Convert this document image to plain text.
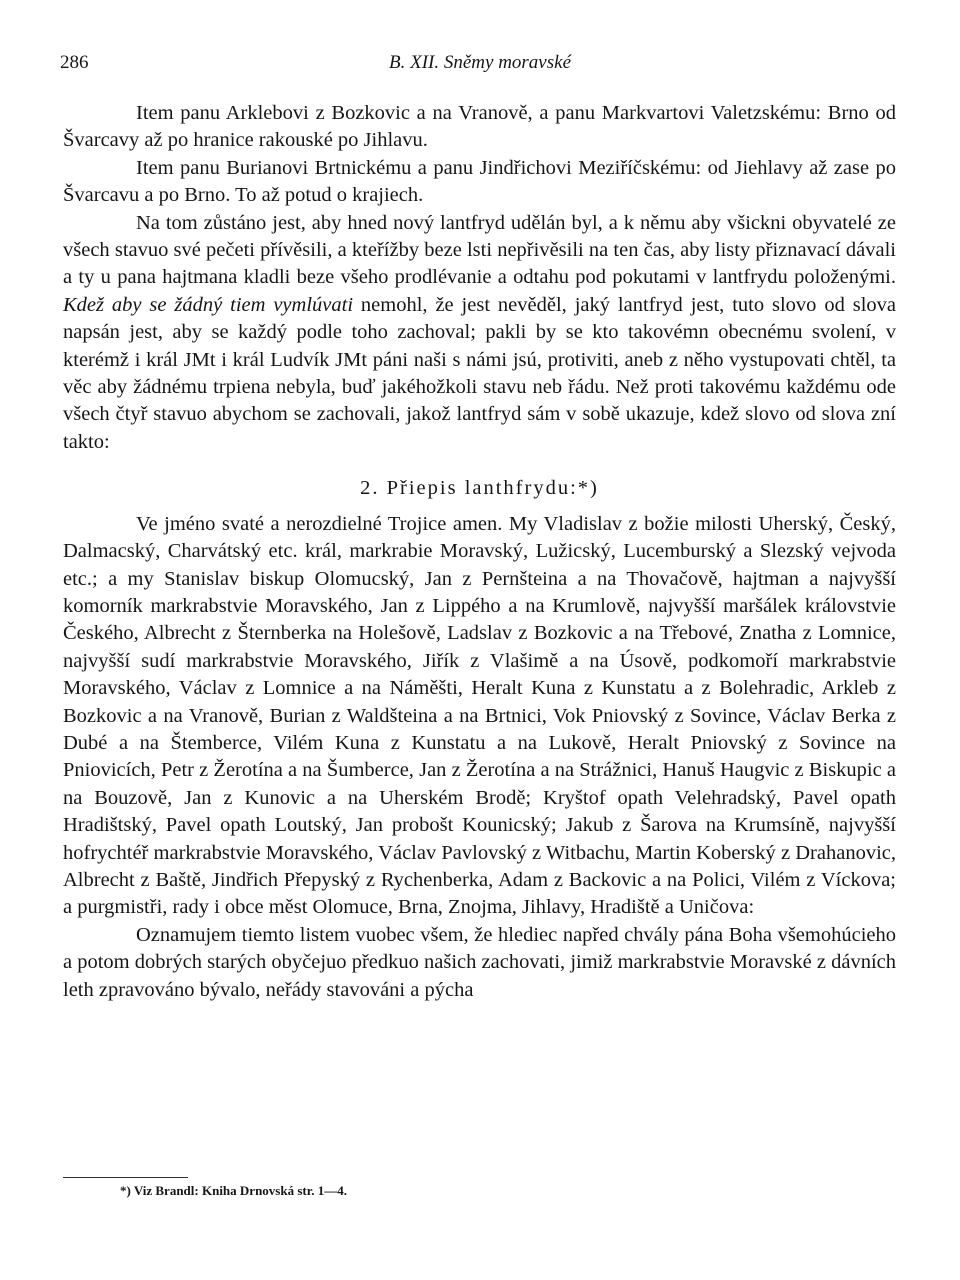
286	B. XII. Sněmy moravské

Item panu Arklebovi z Bozkovic a na Vranově, a panu Markvartovi Valetzskému: Brno od Švarcavy až po hranice rakouské po Jihlavu.

Item panu Burianovi Brtnickému a panu Jindřichovi Meziříčskému: od Jiehlavy až zase po Švarcavu a po Brno. To až potud o krajiech.

Na tom zůstáno jest, aby hned nový lantfryd udělán byl, a k němu aby všickni obyvatelé ze všech stavuo své pečeti přívěsili, a kteřížby beze lsti nepřivěsili na ten čas, aby listy přiznavací dávali a ty u pana hajtmana kladli beze všeho prodlévanie a odtahu pod pokutami v lantfrydu položenými. Kdež aby se žádný tiem vymlúvati nemohl, že jest nevěděl, jaký lantfryd jest, tuto slovo od slova napsán jest, aby se každý podle toho zachoval; pakli by se kto takovémn obecnému svolení, v kterémž i král JMt i král Ludvík JMt páni naši s námi jsú, protiviti, aneb z něho vystupovati chtěl, ta věc aby žádnému trpiena nebyla, buď jakéhožkoli stavu neb řádu. Než proti takovému každému ode všech čtyř stavuo abychom se zachovali, jakož lantfryd sám v sobě ukazuje, kdež slovo od slova zní takto:

2. Přiepis lanthfrydu:*)

Ve jméno svaté a nerozdielné Trojice amen. My Vladislav z božie milosti Uherský, Český, Dalmacský, Charvátský etc. král, markrabie Moravský, Lužicský, Lucemburský a Slezský vejvoda etc.; a my Stanislav biskup Olomucský, Jan z Pernšteina a na Thovačově, hajtman a najvyšší komorník markrabstvie Moravského, Jan z Lippého a na Krumlově, najvyšší maršálek královstvie Českého, Albrecht z Šternberka na Holešově, Ladslav z Bozkovic a na Třebové, Znatha z Lomnice, najvyšší sudí markrabstvie Moravského, Jiřík z Vlašimě a na Úsově, podkomoří markrabstvie Moravského, Václav z Lomnice a na Náměšti, Heralt Kuna z Kunstatu a z Bolehradic, Arkleb z Bozkovic a na Vranově, Burian z Waldšteina a na Brtnici, Vok Pniovský z Sovince, Václav Berka z Dubé a na Štemberce, Vilém Kuna z Kunstatu a na Lukově, Heralt Pniovský z Sovince na Pniovicích, Petr z Žerotína a na Šumberce, Jan z Žerotína a na Strážnici, Hanuš Haugvic z Biskupic a na Bouzově, Jan z Kunovic a na Uherském Brodě; Kryštof opath Velehradský, Pavel opath Hradištský, Pavel opath Loutský, Jan probošt Kounicský; Jakub z Šarova na Krumsíně, najvyšší hofrychtéř markrabstvie Moravského, Václav Pavlovský z Witbachu, Martin Koberský z Drahanovic, Albrecht z Baště, Jindřich Přepyský z Rychenberka, Adam z Backovic a na Polici, Vilém z Víckova; a purgmistři, rady i obce měst Olomuce, Brna, Znojma, Jihlavy, Hradiště a Uničova:

Oznamujem tiemto listem vuobec všem, že hlediec napřed chvály pána Boha všemohúcieho a potom dobrých starých obyčejuo předkuo našich zachovati, jimiž markrabstvie Moravské z dávních leth zpravováno bývalo, neřády stavováni a pýcha

*) Viz Brandl: Kniha Drnovská str. 1—4.
